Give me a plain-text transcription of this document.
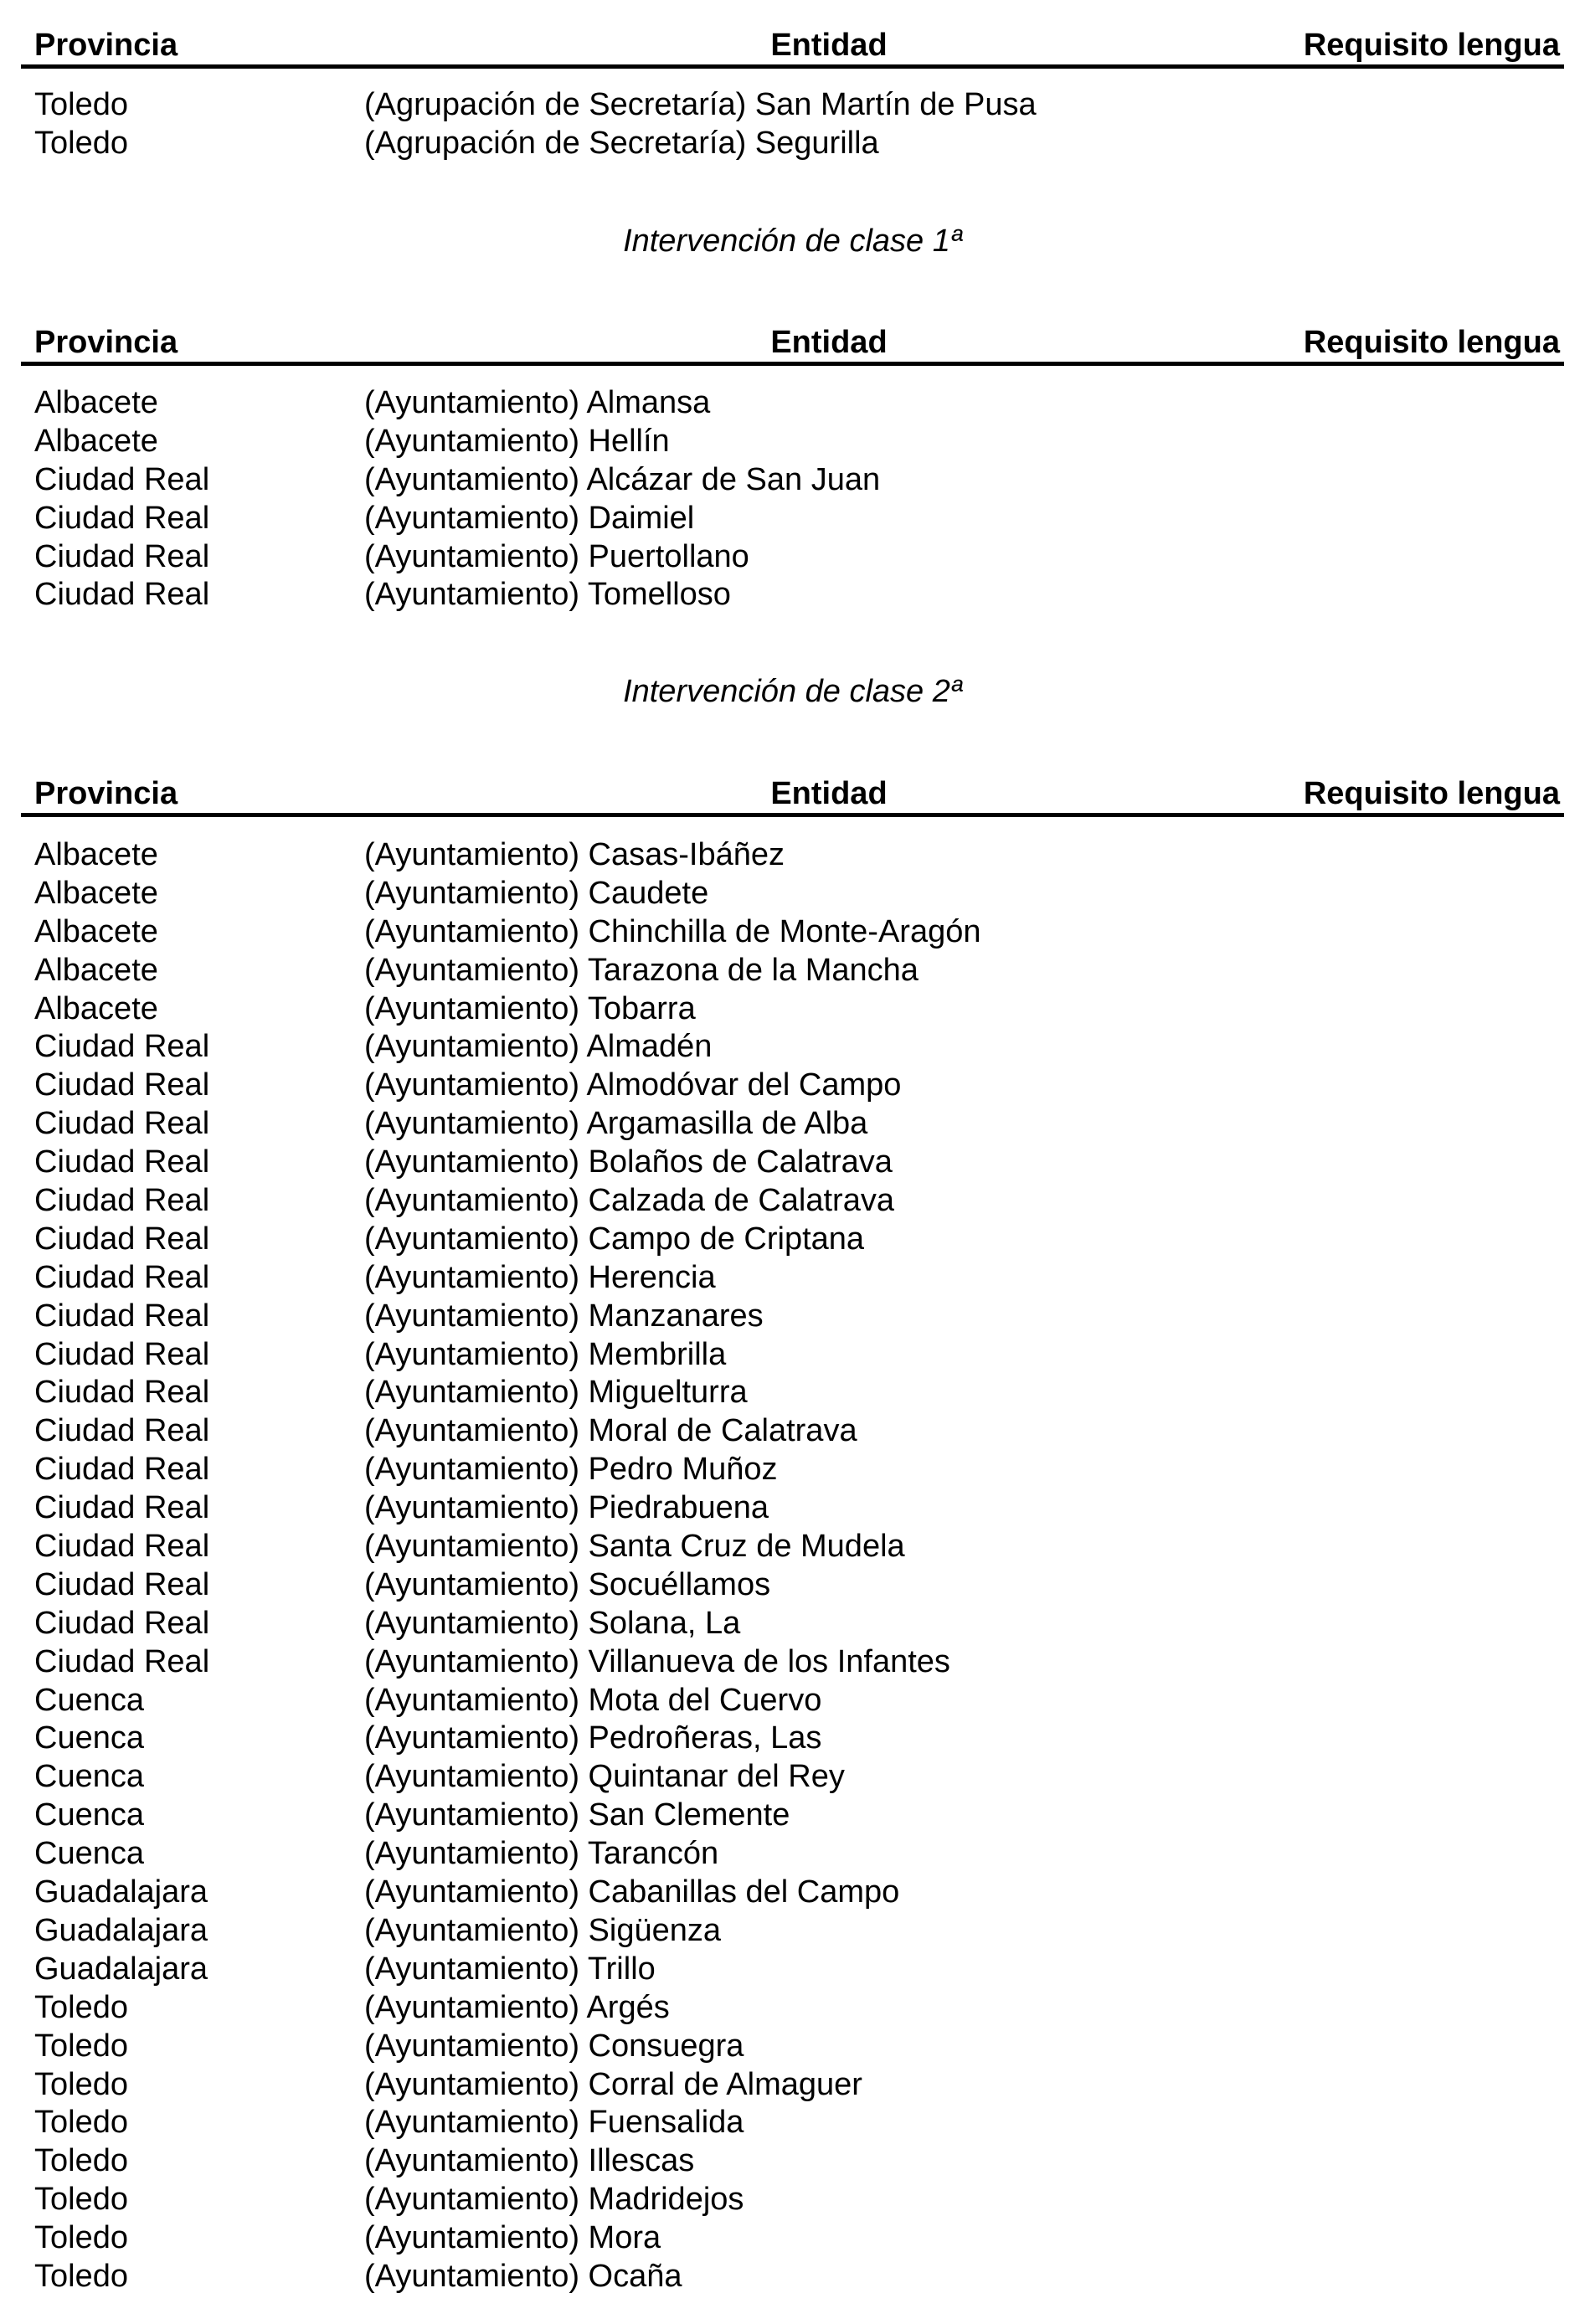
Provincia	Entidad	Requisito lengua
Toledo	(Agrupación de Secretaría) San Martín de Pusa
Toledo	(Agrupación de Secretaría) Segurilla
Intervención de clase 1ª
Provincia	Entidad	Requisito lengua
Albacete	(Ayuntamiento) Almansa
Albacete	(Ayuntamiento) Hellín
Ciudad Real	(Ayuntamiento) Alcázar de San Juan
Ciudad Real	(Ayuntamiento) Daimiel
Ciudad Real	(Ayuntamiento) Puertollano
Ciudad Real	(Ayuntamiento) Tomelloso
Intervención de clase 2ª
Provincia	Entidad	Requisito lengua
Albacete	(Ayuntamiento) Casas-Ibáñez
Albacete	(Ayuntamiento) Caudete
Albacete	(Ayuntamiento) Chinchilla de Monte-Aragón
Albacete	(Ayuntamiento) Tarazona de la Mancha
Albacete	(Ayuntamiento) Tobarra
Ciudad Real	(Ayuntamiento) Almadén
Ciudad Real	(Ayuntamiento) Almodóvar del Campo
Ciudad Real	(Ayuntamiento) Argamasilla de Alba
Ciudad Real	(Ayuntamiento) Bolaños de Calatrava
Ciudad Real	(Ayuntamiento) Calzada de Calatrava
Ciudad Real	(Ayuntamiento) Campo de Criptana
Ciudad Real	(Ayuntamiento) Herencia
Ciudad Real	(Ayuntamiento) Manzanares
Ciudad Real	(Ayuntamiento) Membrilla
Ciudad Real	(Ayuntamiento) Miguelturra
Ciudad Real	(Ayuntamiento) Moral de Calatrava
Ciudad Real	(Ayuntamiento) Pedro Muñoz
Ciudad Real	(Ayuntamiento) Piedrabuena
Ciudad Real	(Ayuntamiento) Santa Cruz de Mudela
Ciudad Real	(Ayuntamiento) Socuéllamos
Ciudad Real	(Ayuntamiento) Solana, La
Ciudad Real	(Ayuntamiento) Villanueva de los Infantes
Cuenca	(Ayuntamiento) Mota del Cuervo
Cuenca	(Ayuntamiento) Pedroñeras, Las
Cuenca	(Ayuntamiento) Quintanar del Rey
Cuenca	(Ayuntamiento) San Clemente
Cuenca	(Ayuntamiento) Tarancón
Guadalajara	(Ayuntamiento) Cabanillas del Campo
Guadalajara	(Ayuntamiento) Sigüenza
Guadalajara	(Ayuntamiento) Trillo
Toledo	(Ayuntamiento) Argés
Toledo	(Ayuntamiento) Consuegra
Toledo	(Ayuntamiento) Corral de Almaguer
Toledo	(Ayuntamiento) Fuensalida
Toledo	(Ayuntamiento) Illescas
Toledo	(Ayuntamiento) Madridejos
Toledo	(Ayuntamiento) Mora
Toledo	(Ayuntamiento) Ocaña
